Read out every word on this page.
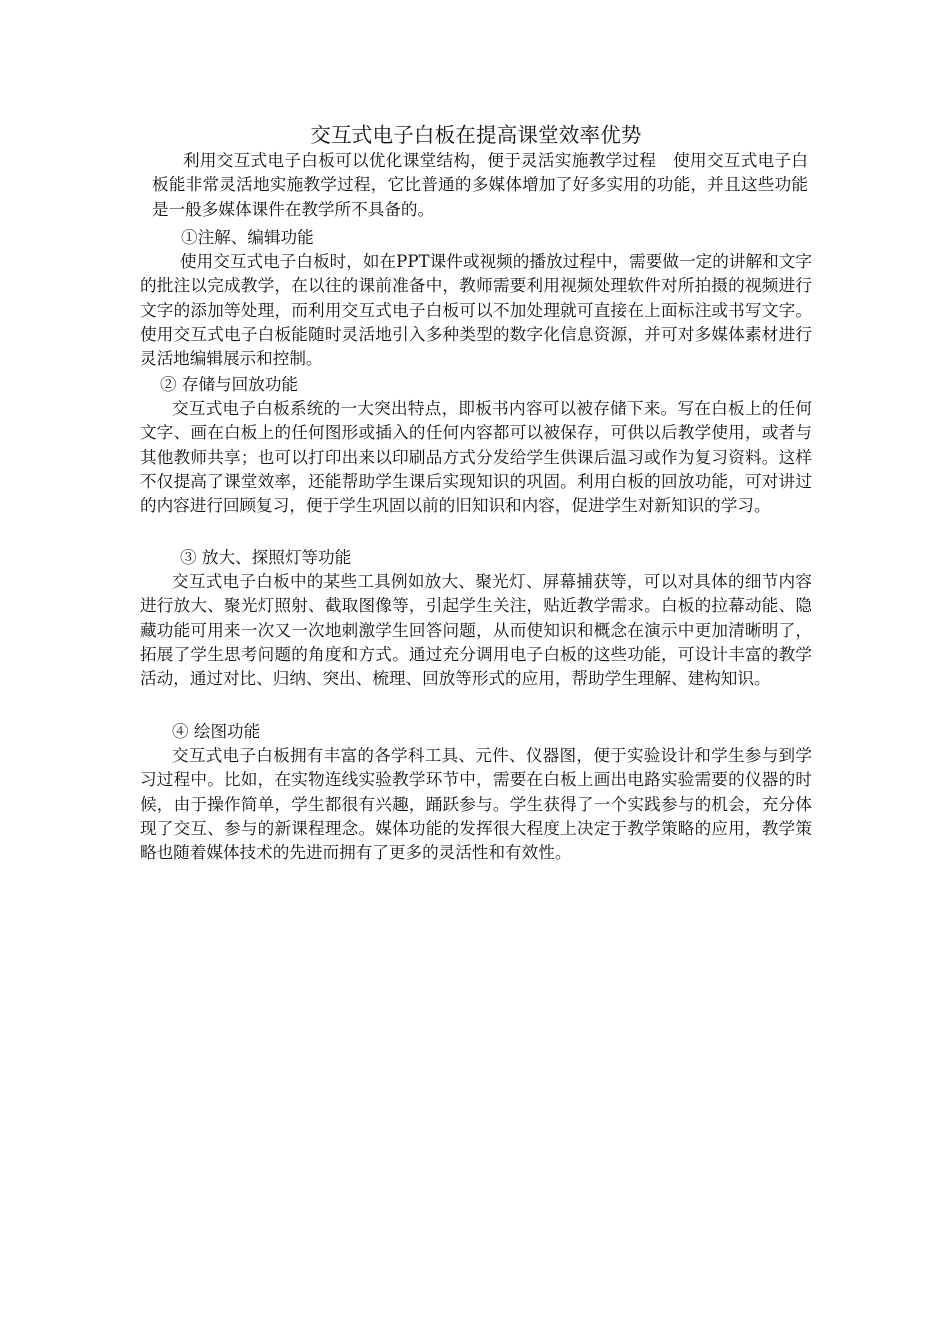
交互式电子白板在提高课堂效率优势

利用交互式电子白板可以优化课堂结构，便于灵活实施教学过程　使用交互式电子白板能非常灵活地实施教学过程，它比普通的多媒体增加了好多实用的功能，并且这些功能是一般多媒体课件在教学所不具备的。

①注解、编辑功能

使用交互式电子白板时，如在PPT课件或视频的播放过程中，需要做一定的讲解和文字的批注以完成教学，在以往的课前准备中，教师需要利用视频处理软件对所拍摄的视频进行文字的添加等处理，而利用交互式电子白板可以不加处理就可直接在上面标注或书写文字。使用交互式电子白板能随时灵活地引入多种类型的数字化信息资源，并可对多媒体素材进行灵活地编辑展示和控制。

② 存储与回放功能

交互式电子白板系统的一大突出特点，即板书内容可以被存储下来。写在白板上的任何文字、画在白板上的任何图形或插入的任何内容都可以被保存，可供以后教学使用，或者与其他教师共享；也可以打印出来以印刷品方式分发给学生供课后温习或作为复习资料。这样不仅提高了课堂效率，还能帮助学生课后实现知识的巩固。利用白板的回放功能，可对讲过的内容进行回顾复习，便于学生巩固以前的旧知识和内容，促进学生对新知识的学习。

③ 放大、探照灯等功能

交互式电子白板中的某些工具例如放大、聚光灯、屏幕捕获等，可以对具体的细节内容进行放大、聚光灯照射、截取图像等，引起学生关注，贴近教学需求。白板的拉幕动能、隐藏功能可用来一次又一次地刺激学生回答问题，从而使知识和概念在演示中更加清晰明了，拓展了学生思考问题的角度和方式。通过充分调用电子白板的这些功能，可设计丰富的教学活动，通过对比、归纳、突出、梳理、回放等形式的应用，帮助学生理解、建构知识。

④ 绘图功能

交互式电子白板拥有丰富的各学科工具、元件、仪器图，便于实验设计和学生参与到学习过程中。比如，在实物连线实验教学环节中，需要在白板上画出电路实验需要的仪器的时候，由于操作简单，学生都很有兴趣，踊跃参与。学生获得了一个实践参与的机会，充分体现了交互、参与的新课程理念。媒体功能的发挥很大程度上决定于教学策略的应用，教学策略也随着媒体技术的先进而拥有了更多的灵活性和有效性。
